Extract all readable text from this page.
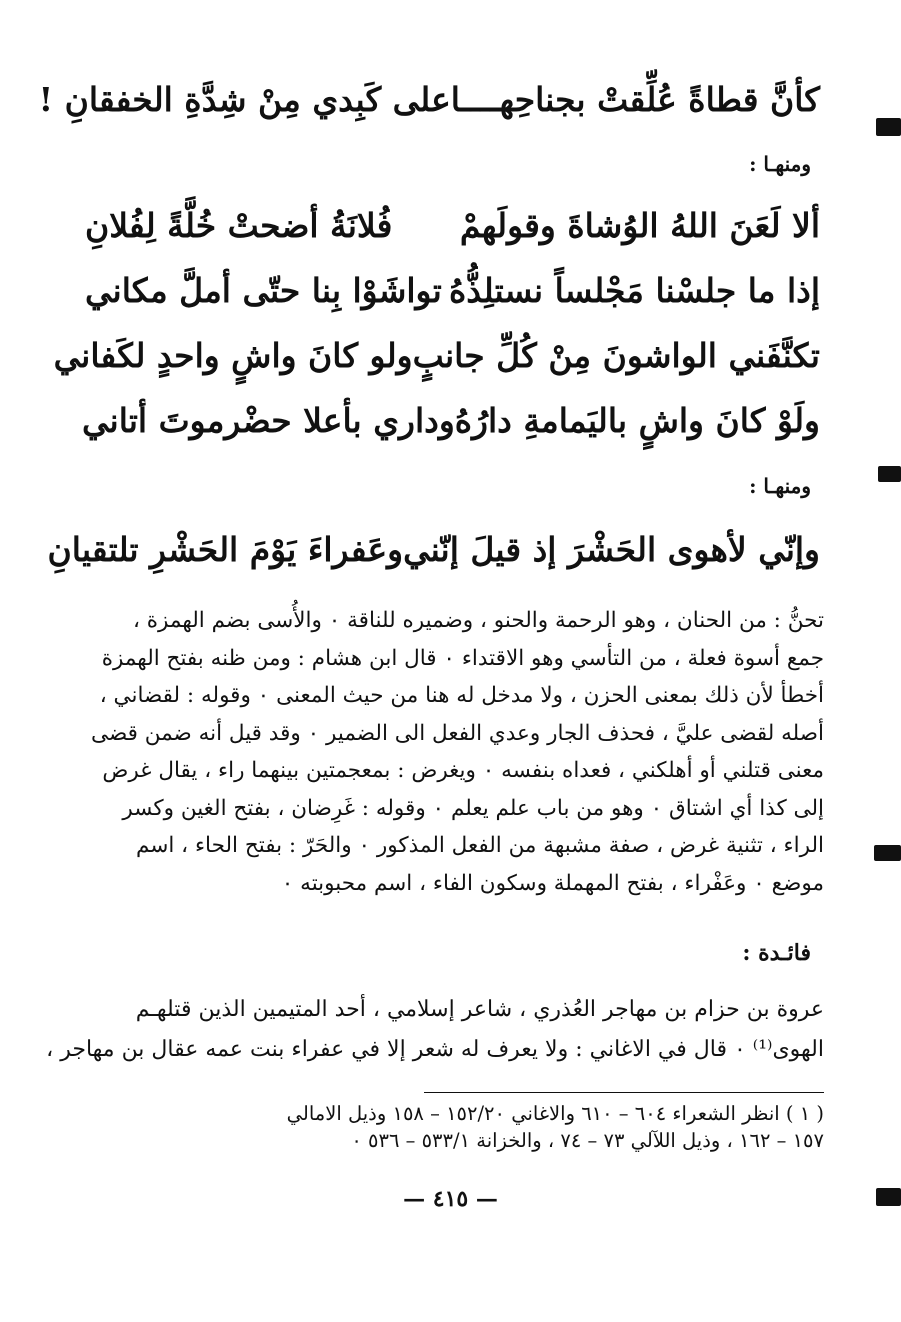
كأنَّ قطاةً عُلِّقتْ بجناحِهــــا
على كَبِدي مِنْ شِدَّةِ الخفقانِ !
ومنهـا :
ألا لَعَنَ اللهُ الوُشاةَ وقولَهمْ
فُلانَةُ أضحتْ خُلَّةً لِفُلانِ
إذا ما جلسْنا مَجْلساً نستلِذُّهُ
تواشَوْا بِنا حتّى أملَّ مكاني
تكنَّفَني الواشونَ مِنْ كُلِّ جانبٍ
ولو كانَ واشٍ واحدٍ لكَفاني
ولَوْ كانَ واشٍ باليَمامةِ دارُهُ
وداري بأعلا حضْرموتَ أتاني
ومنهـا :
وإنّي لأهوى الحَشْرَ إذ قيلَ إنّني
وعَفراءَ يَوْمَ الحَشْرِ تلتقيانِ

تحنُّ : من الحنان ، وهو الرحمة والحنو ، وضميره للناقة ٠ والأُسى بضم الهمزة ،
جمع أسوة فعلة ، من التأسي وهو الاقتداء ٠ قال ابن هشام : ومن ظنه بفتح الهمزة
أخطأ لأن ذلك بمعنى الحزن ، ولا مدخل له هنا من حيث المعنى ٠ وقوله : لقضاني ،
أصله لقضى عليَّ ، فحذف الجار وعدي الفعل الى الضمير ٠ وقد قيل أنه ضمن قضى
معنى قتلني أو أهلكني ، فعداه بنفسه ٠ ويغرض : بمعجمتين بينهما راء ، يقال غرض
إلى كذا أي اشتاق ٠ وهو من باب علم يعلم ٠ وقوله : غَرِضان ، بفتح الغين وكسر
الراء ، تثنية غرض ، صفة مشبهة من الفعل المذكور ٠ والحَرّ : بفتح الحاء ، اسم
موضع ٠ وعَفْراء ، بفتح المهملة وسكون الفاء ، اسم محبوبته ٠

فائـدة :
عروة بن حزام بن مهاجر العُذري ، شاعر إسلامي ، أحد المتيمين الذين قتلهـم
الهوى⁽¹⁾ ٠ قال في الاغاني : ولا يعرف له شعر إلا في عفراء بنت عمه عقال بن مهاجر ،
( ١ ) انظر الشعراء ٦٠٤ – ٦١٠ والاغاني ١٥٢/٢٠ – ١٥٨ وذيل الامالي
١٥٧ – ١٦٢ ، وذيل اللآلي ٧٣ – ٧٤ ، والخزانة ٥٣٣/١ – ٥٣٦ ٠
— ٤١٥ —
